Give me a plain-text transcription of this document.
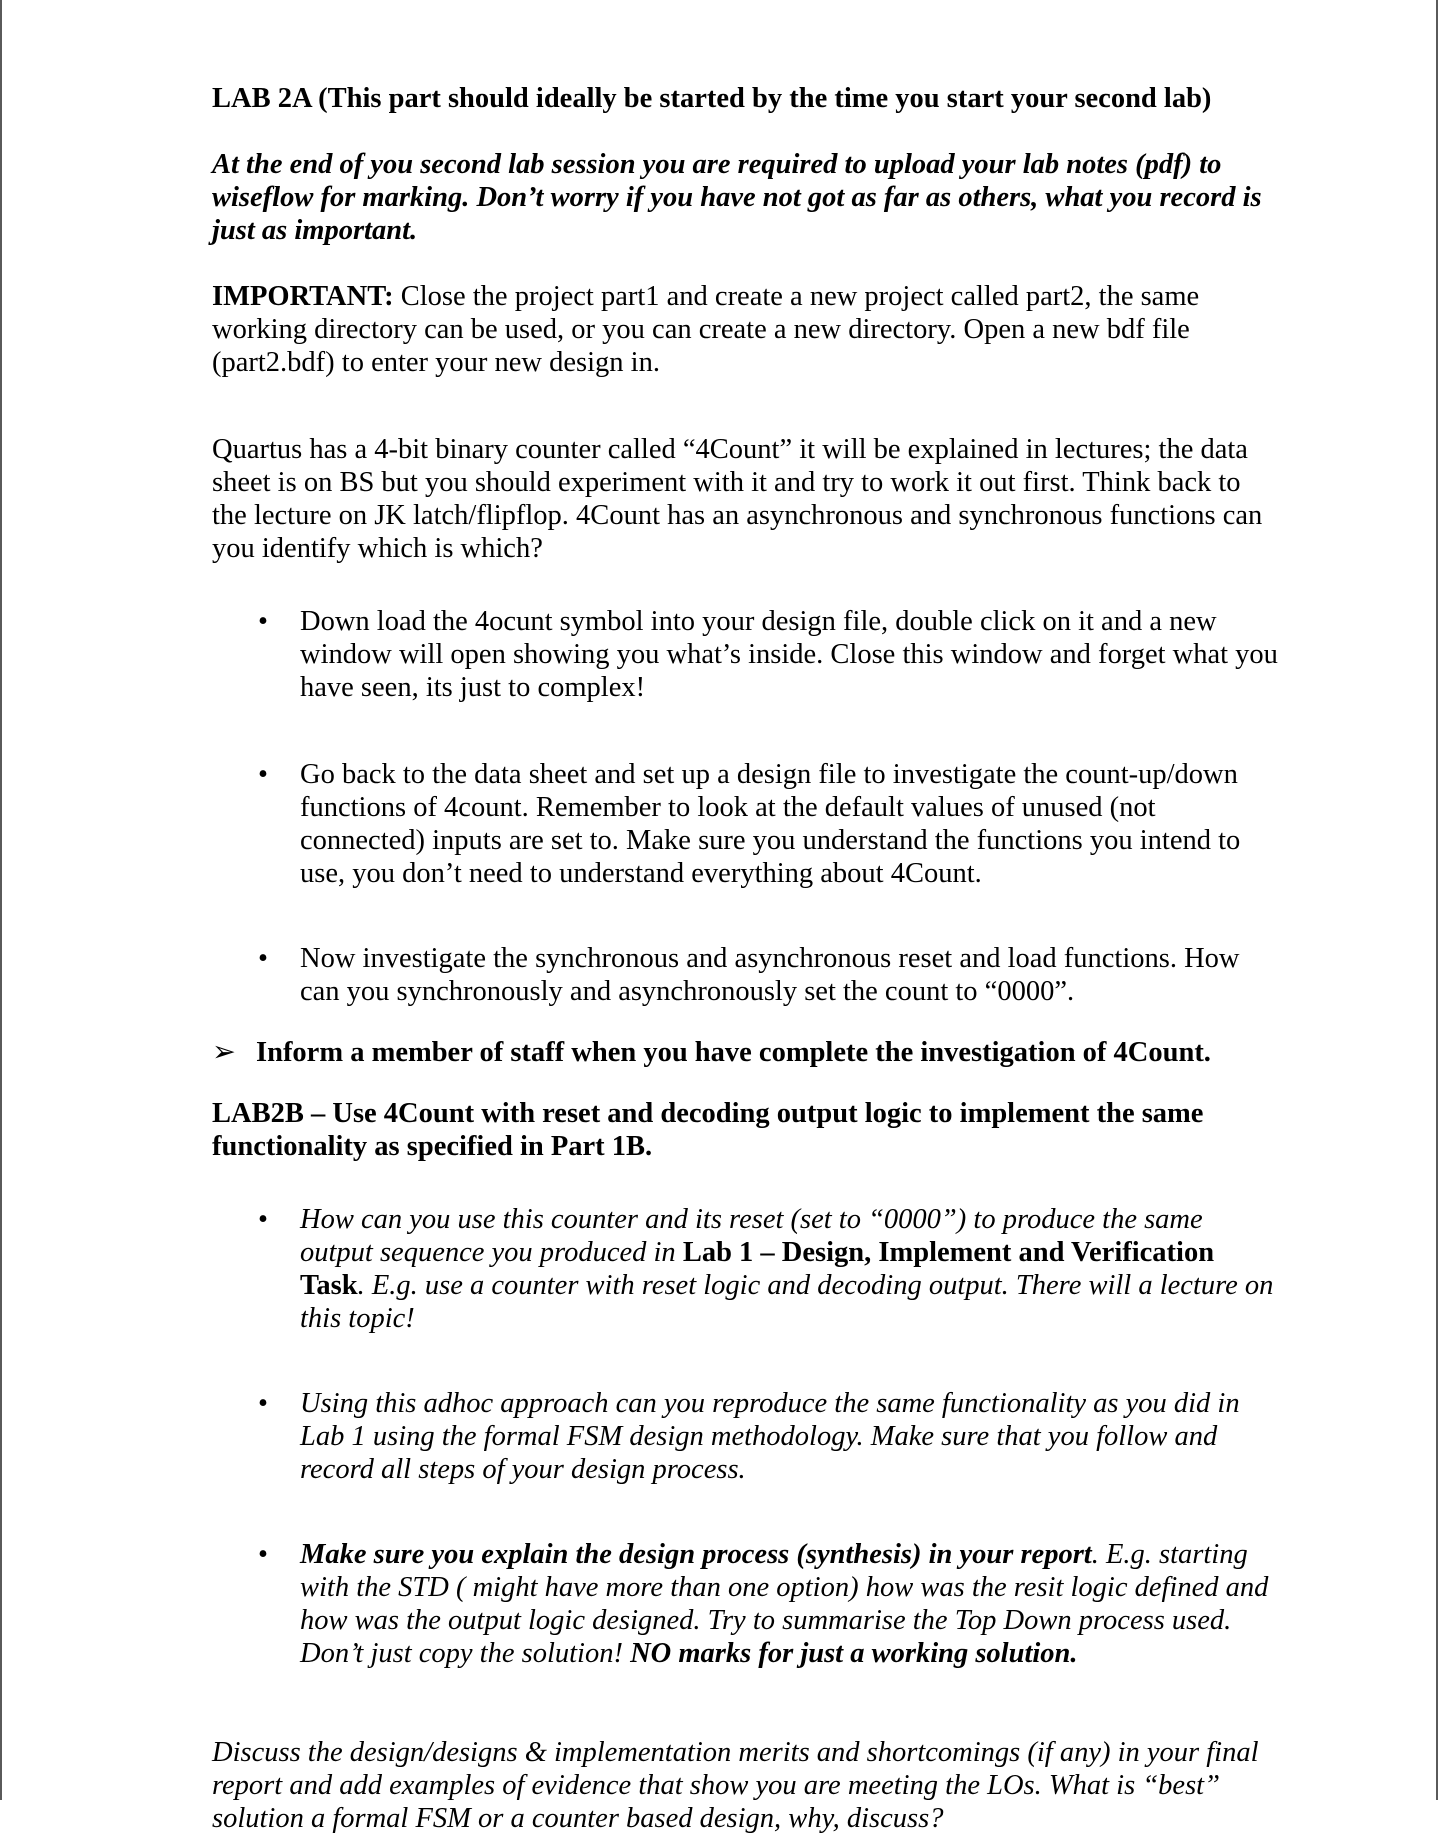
LAB 2A (This part should ideally be started by the time you start your second lab)

At the end of you second lab session you are required to upload your lab notes (pdf) to wiseflow for marking. Don’t worry if you have not got as far as others, what you record is just as important.

IMPORTANT: Close the project part1 and create a new project called part2, the same working directory can be used, or you can create a new directory. Open a new bdf file (part2.bdf) to enter your new design in.

Quartus has a 4-bit binary counter called “4Count” it will be explained in lectures; the data sheet is on BS but you should experiment with it and try to work it out first. Think back to the lecture on JK latch/flipflop. 4Count has an asynchronous and synchronous functions can you identify which is which?

• Down load the 4ocunt symbol into your design file, double click on it and a new window will open showing you what’s inside. Close this window and forget what you have seen, its just to complex!
• Go back to the data sheet and set up a design file to investigate the count-up/down functions of 4count. Remember to look at the default values of unused (not connected) inputs are set to. Make sure you understand the functions you intend to use, you don’t need to understand everything about 4Count.
• Now investigate the synchronous and asynchronous reset and load functions. How can you synchronously and asynchronously set the count to “0000”.

➢ Inform a member of staff when you have complete the investigation of 4Count.

LAB2B – Use 4Count with reset and decoding output logic to implement the same functionality as specified in Part 1B.

• How can you use this counter and its reset (set to “0000”) to produce the same output sequence you produced in Lab 1 – Design, Implement and Verification Task. E.g. use a counter with reset logic and decoding output. There will a lecture on this topic!
• Using this adhoc approach can you reproduce the same functionality as you did in Lab 1 using the formal FSM design methodology. Make sure that you follow and record all steps of your design process.
• Make sure you explain the design process (synthesis) in your report. E.g. starting with the STD ( might have more than one option) how was the resit logic defined and how was the output logic designed. Try to summarise the Top Down process used. Don’t just copy the solution! NO marks for just a working solution.

Discuss the design/designs & implementation merits and shortcomings (if any) in your final report and add examples of evidence that show you are meeting the LOs. What is “best” solution a formal FSM or a counter based design, why, discuss?
